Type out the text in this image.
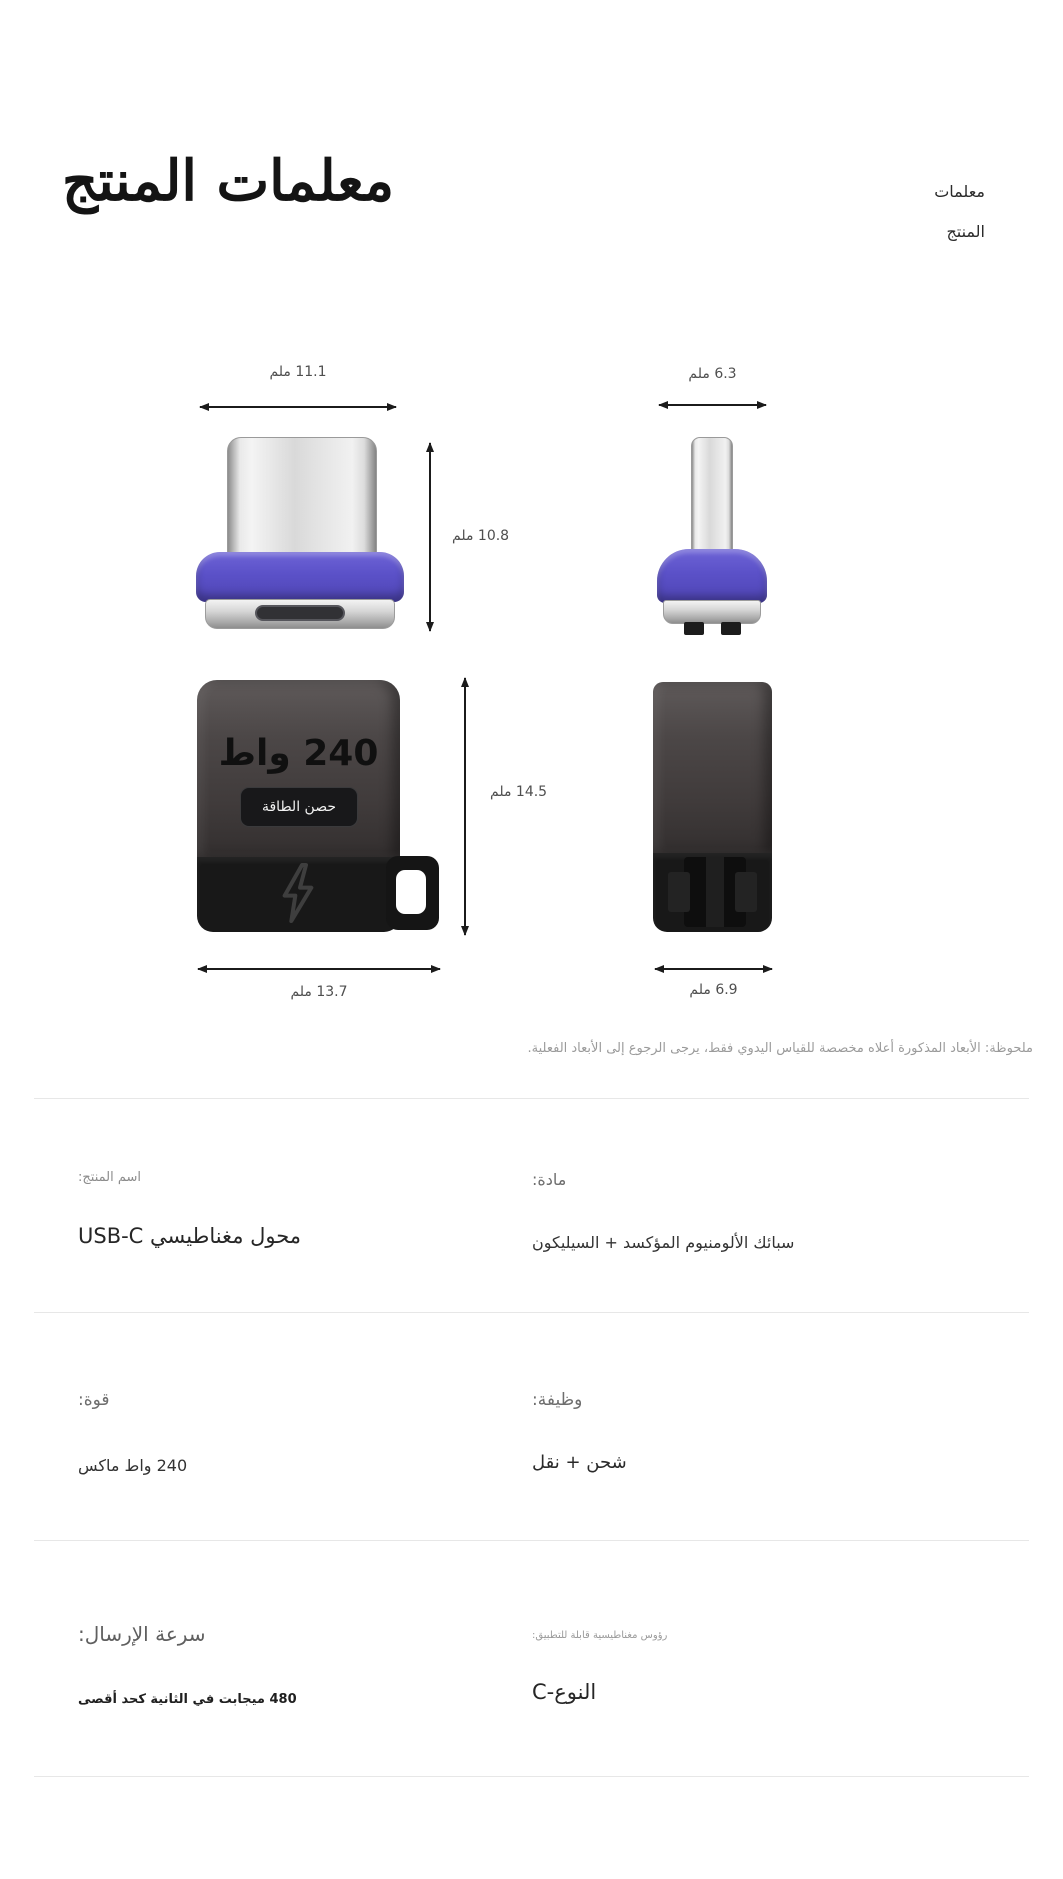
معلمات المنتج	معلمات
المنتج
11.1 ملم
10.8 ملم
6.3 ملم
240 واط
حصن الطاقة
14.5 ملم
13.7 ملم	6.9 ملم
ملحوظة: الأبعاد المذكورة أعلاه مخصصة للقياس اليدوي فقط، يرجى الرجوع إلى الأبعاد الفعلية.
اسم المنتج:
محول مغناطيسي USB-C
مادة:
سبائك الألومنيوم المؤكسد + السيليكون
قوة:
240 واط ماكس
وظيفة:
شحن + نقل
سرعة الإرسال:
480 ميجابت في الثانية كحد أقصى
رؤوس مغناطيسية قابلة للتطبيق:
النوع-C
